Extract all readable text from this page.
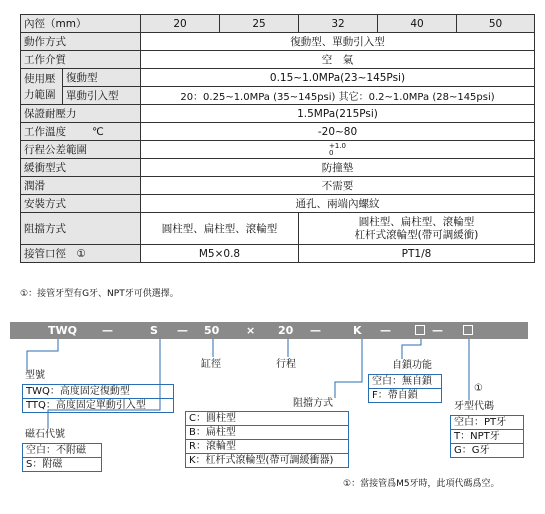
內徑（mm）		20	25	32	40	50
動作方式		復動型、單動引入型				
工作介質		空　氣				
使用壓
力範圍	復動型	0.15~1.0MPa(23~145Psi)				
	單動引入型	20：0.25~1.0MPa (35~145psi) 其它：0.2~1.0MPa (28~145psi)				
保證耐壓力		1.5MPa(215Psi)				
工作溫度 ℃		-20~80				
行程公差範圍		+1.0
0				
緩衝型式		防撞墊				
潤滑		不需要				
安裝方式		通孔、兩端內螺紋				
阻擋方式		圓柱型、扁柱型、滾輪型		圓柱型、扁柱型、滾輪型
杠杆式滾輪型(帶可調緩衝)		
接管口徑　①		M5×0.8		PT1/8		
①：接管牙型有G牙、NPT牙可供選擇。
TWQ —	S — 50 × 20 —	K —	—
型號
TWQ：高度固定復動型
TTQ：高度固定單動引入型
磁石代號
空白：不附磁
S：附磁
缸徑	行程
阻擋方式
C：圓柱型
B：扁柱型
R：滾輪型
K：杠杆式滾輪型(帶可調緩衝器)
自鎖功能
空白：無自鎖
F：帶自鎖
①
牙型代碼
空白：PT牙
T：NPT牙
G：G牙
①：當接管爲M5牙時，此項代碼爲空。
